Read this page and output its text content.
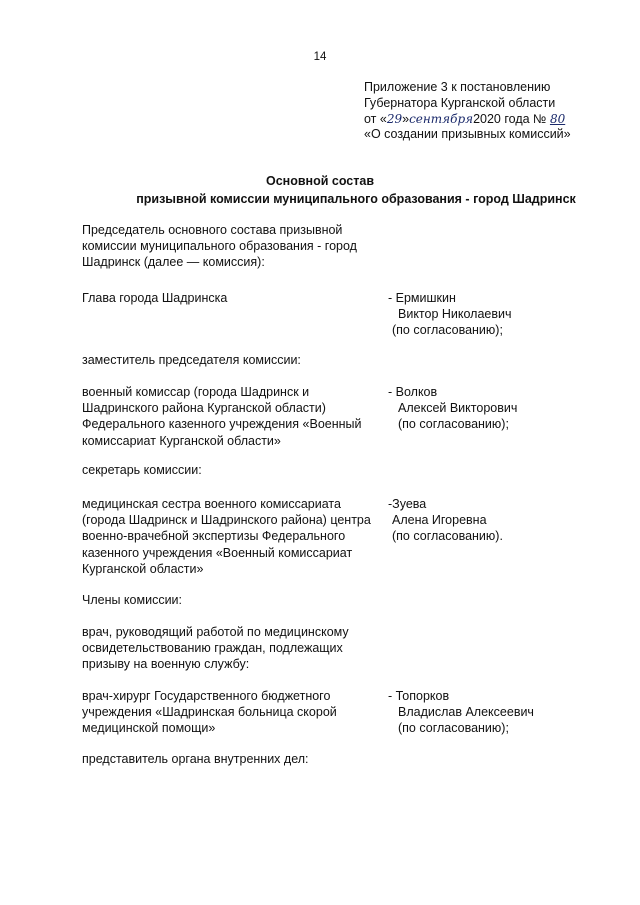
14
Приложение 3 к постановлению
Губернатора Курганской области
от «29»сентября2020 года № 80
«О создании призывных комиссий»
Основной состав
призывной комиссии муниципального образования - город Шадринск
Председатель основного состава призывной комиссии муниципального образования - город Шадринск (далее — комиссия):
Глава города Шадринска	- Ермишкин
Виктор Николаевич
(по согласованию);
заместитель председателя комиссии:
военный комиссар (города Шадринск и Шадринского района Курганской области) Федерального казенного учреждения «Военный комиссариат Курганской области»
- Волков
Алексей Викторович
(по согласованию);
секретарь комиссии:
медицинская сестра военного комиссариата (города Шадринск и Шадринского района) центра военно-врачебной экспертизы Федерального казенного учреждения «Военный комиссариат Курганской области»
-Зуева
Алена Игоревна
(по согласованию).
Члены комиссии:
врач, руководящий работой по медицинскому освидетельствованию граждан, подлежащих призыву на военную службу:
врач-хирург Государственного бюджетного учреждения «Шадринская больница скорой медицинской помощи»
- Топорков
Владислав Алексеевич
(по согласованию);
представитель органа внутренних дел:
